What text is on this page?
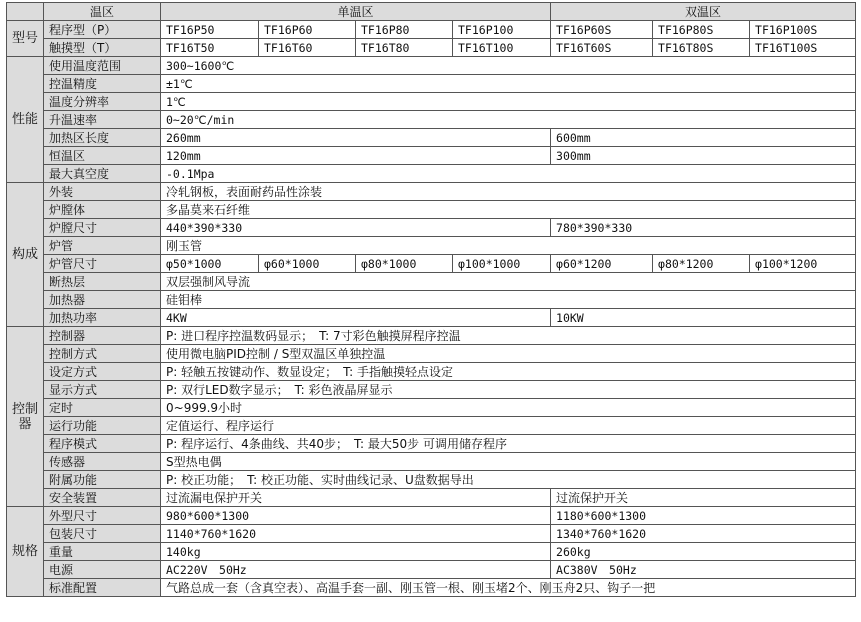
	温区	单温区				双温区		
型号	程序型（P）	TF16P50	TF16P60	TF16P80	TF16P100	TF16P60S	TF16P80S	TF16P100S
	触摸型（T）	TF16T50	TF16T60	TF16T80	TF16T100	TF16T60S	TF16T80S	TF16T100S
性能	使用温度范围	300~1600℃						
	控温精度	±1℃						
	温度分辨率	1℃						
	升温速率	0~20℃/min						
	加热区长度	260mm				600mm		
	恒温区	120mm				300mm		
	最大真空度	-0.1Mpa						
构成	外装	冷轧钢板，表面耐药品性涂装						
	炉膛体	多晶莫来石纤维						
	炉膛尺寸	440*390*330				780*390*330		
	炉管	刚玉管						
	炉管尺寸	φ50*1000	φ60*1000	φ80*1000	φ100*1000	φ60*1200	φ80*1200	φ100*1200
	断热层	双层强制风导流						
	加热器	硅钼棒						
	加热功率	4KW				10KW		
控制器	控制器	P: 进口程序控温数码显示；　T: 7寸彩色触摸屏程序控温						
	控制方式	使用微电脑PID控制 / S型双温区单独控温						
	设定方式	P: 轻触五按键动作、数显设定；　T: 手指触摸轻点设定						
	显示方式	P: 双行LED数字显示；　T: 彩色液晶屏显示						
	定时	0~999.9小时						
	运行功能	定值运行、程序运行						
	程序模式	P: 程序运行、4条曲线、共40步；　T: 最大50步 可调用储存程序						
	传感器	S型热电偶						
	附属功能	P: 校正功能；　T: 校正功能、实时曲线记录、U盘数据导出						
	安全装置	过流漏电保护开关				过流保护开关		
规格	外型尺寸	980*600*1300				1180*600*1300		
	包装尺寸	1140*760*1620				1340*760*1620		
	重量	140kg				260kg		
	电源	AC220V　50Hz				AC380V　50Hz		
	标准配置	气路总成一套（含真空表）、高温手套一副、刚玉管一根、刚玉堵2个、刚玉舟2只、钩子一把						
